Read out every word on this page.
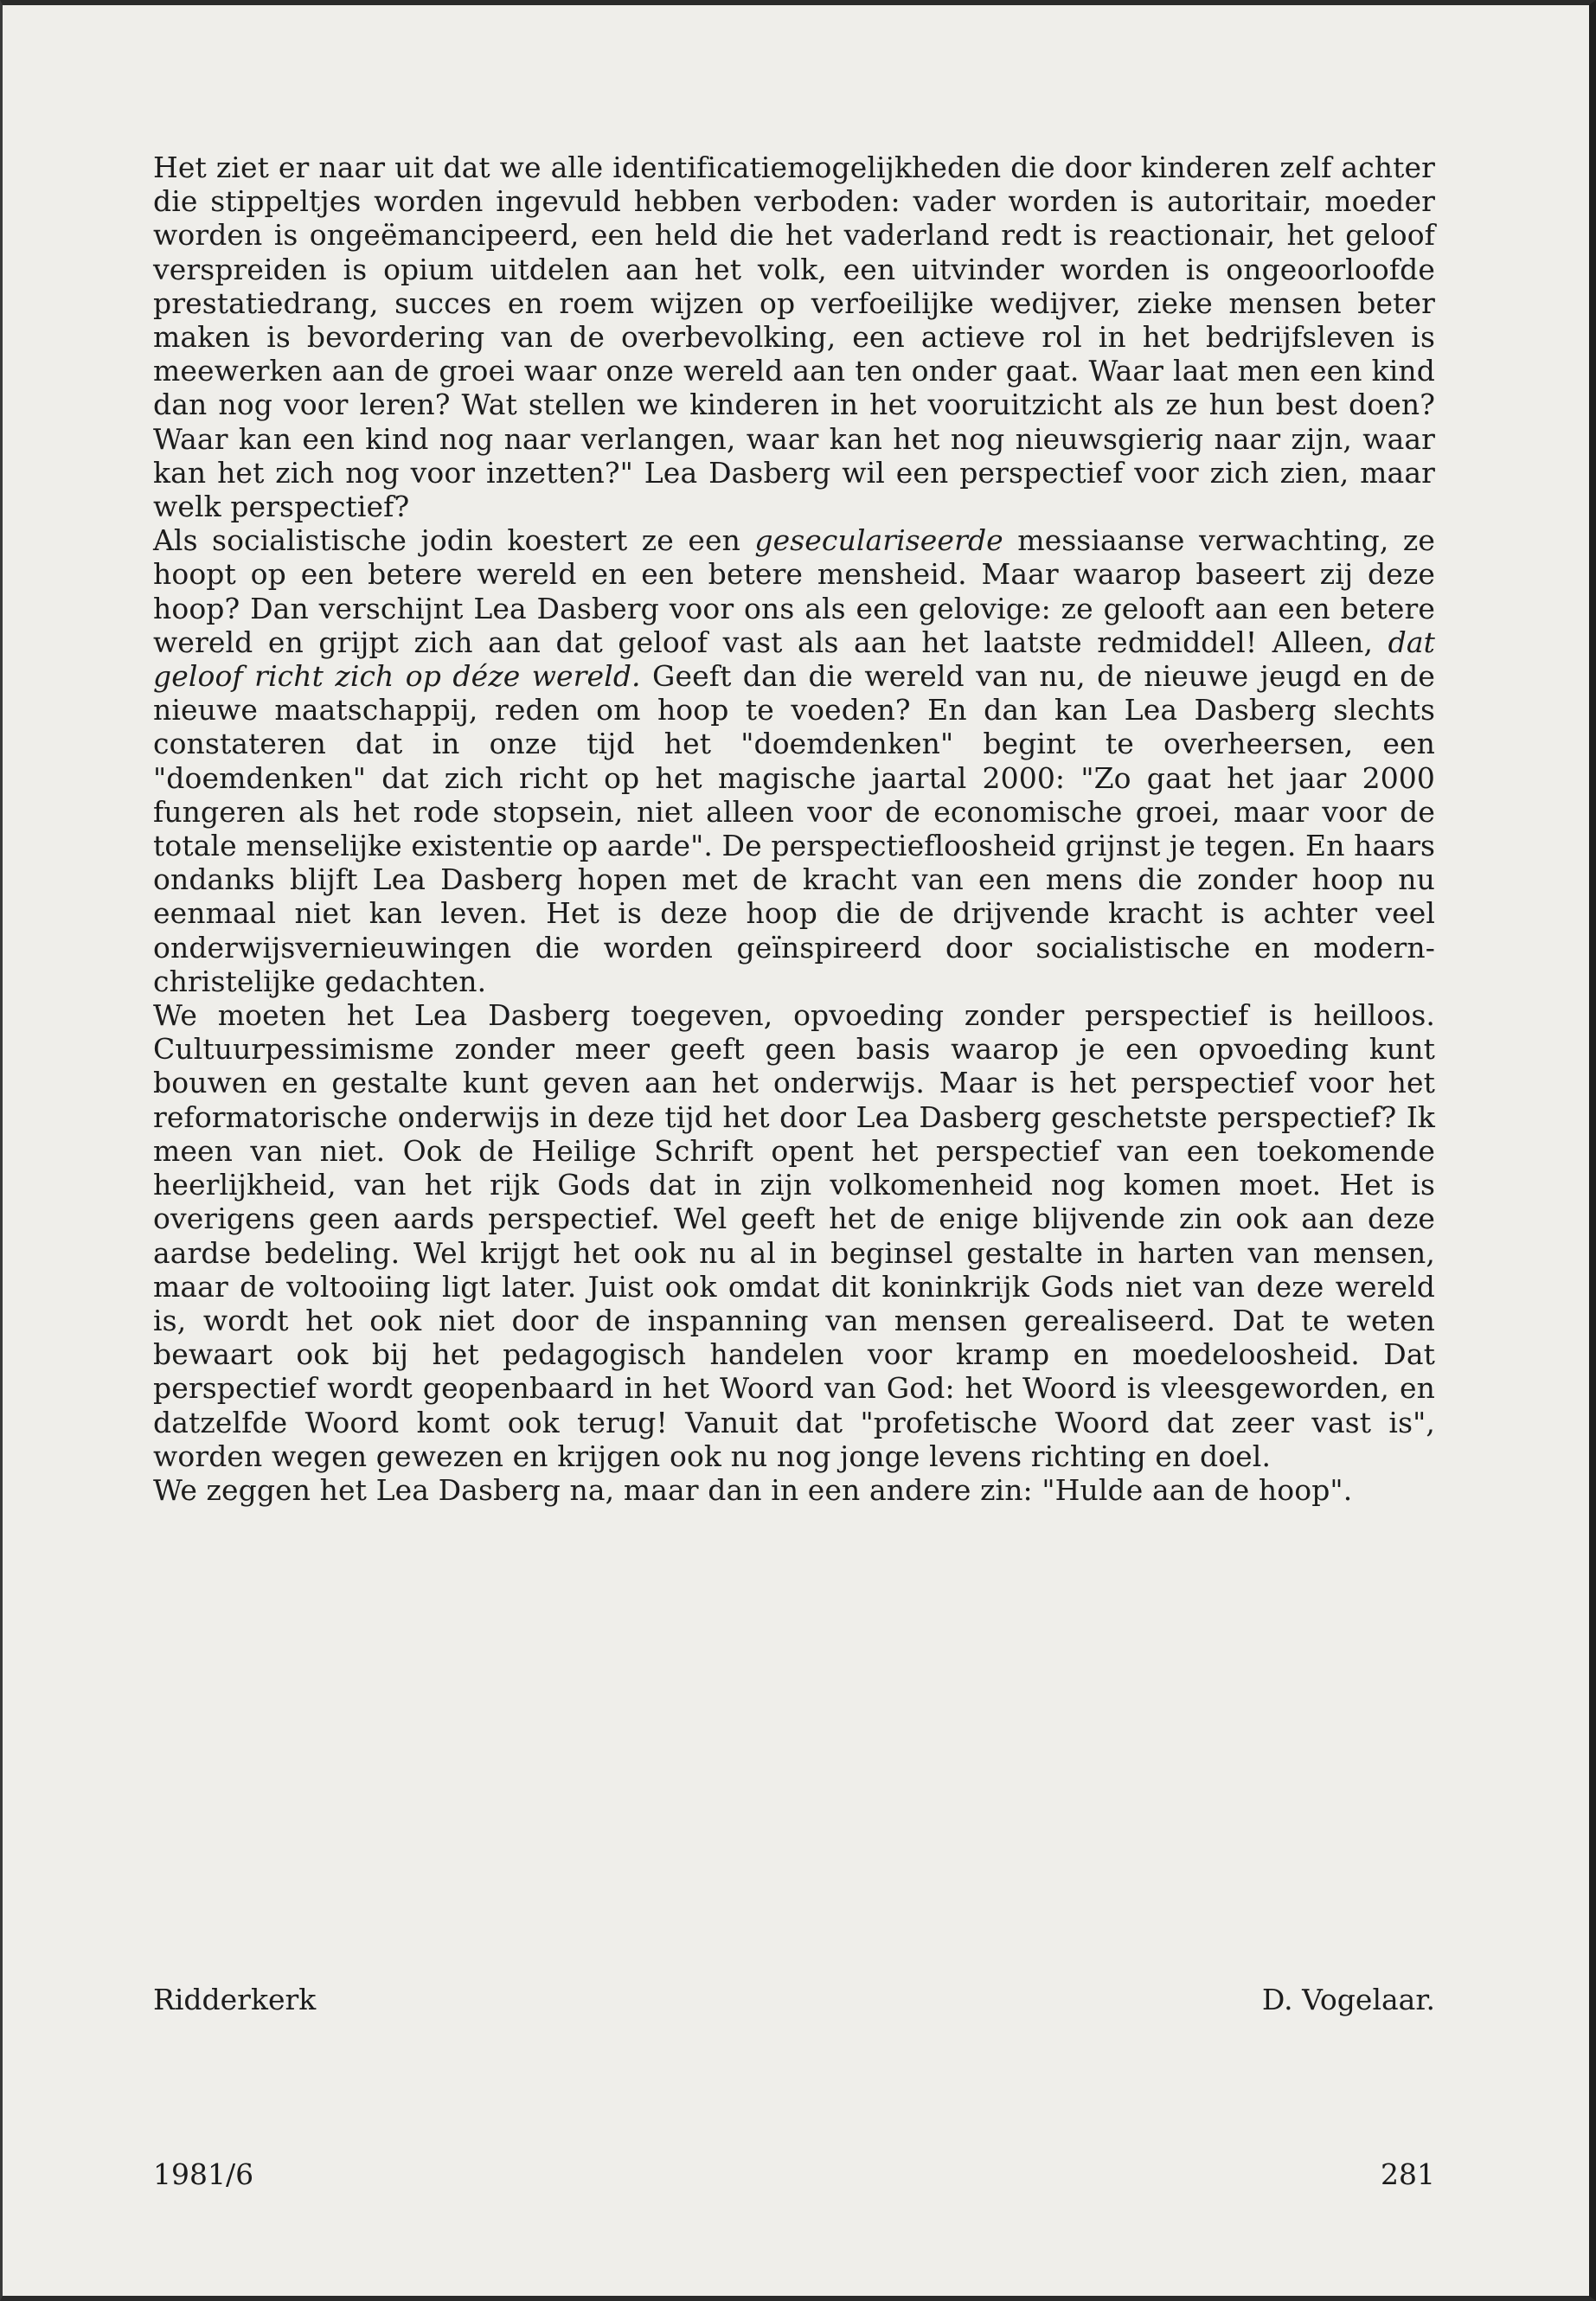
Het ziet er naar uit dat we alle identificatiemogelijkheden die door kinderen zelf achter die stippeltjes worden ingevuld hebben verboden: vader worden is autoritair, moeder worden is ongeëmancipeerd, een held die het vaderland redt is reactionair, het geloof verspreiden is opium uitdelen aan het volk, een uitvinder worden is ongeoorloofde prestatiedrang, succes en roem wijzen op verfoeilijke wedijver, zieke mensen beter maken is bevordering van de overbevolking, een actieve rol in het bedrijfsleven is meewerken aan de groei waar onze wereld aan ten onder gaat. Waar laat men een kind dan nog voor leren? Wat stellen we kinderen in het vooruitzicht als ze hun best doen? Waar kan een kind nog naar verlangen, waar kan het nog nieuwsgierig naar zijn, waar kan het zich nog voor inzetten?" Lea Dasberg wil een perspectief voor zich zien, maar welk perspectief?

Als socialistische jodin koestert ze een geseculariseerde messiaanse verwachting, ze hoopt op een betere wereld en een betere mensheid. Maar waarop baseert zij deze hoop? Dan verschijnt Lea Dasberg voor ons als een gelovige: ze gelooft aan een betere wereld en grijpt zich aan dat geloof vast als aan het laatste redmiddel! Alleen, dat geloof richt zich op déze wereld. Geeft dan die wereld van nu, de nieuwe jeugd en de nieuwe maatschappij, reden om hoop te voeden? En dan kan Lea Dasberg slechts constateren dat in onze tijd het "doemdenken" begint te overheersen, een "doemdenken" dat zich richt op het magische jaartal 2000: "Zo gaat het jaar 2000 fungeren als het rode stopsein, niet alleen voor de economische groei, maar voor de totale menselijke existentie op aarde". De perspectiefloosheid grijnst je tegen. En haars ondanks blijft Lea Dasberg hopen met de kracht van een mens die zonder hoop nu eenmaal niet kan leven. Het is deze hoop die de drijvende kracht is achter veel onderwijsvernieuwingen die worden geïnspireerd door socialistische en modern-christelijke gedachten.

We moeten het Lea Dasberg toegeven, opvoeding zonder perspectief is heilloos. Cultuurpessimisme zonder meer geeft geen basis waarop je een opvoeding kunt bouwen en gestalte kunt geven aan het onderwijs. Maar is het perspectief voor het reformatorische onderwijs in deze tijd het door Lea Dasberg geschetste perspectief? Ik meen van niet. Ook de Heilige Schrift opent het perspectief van een toekomende heerlijkheid, van het rijk Gods dat in zijn volkomenheid nog komen moet. Het is overigens geen aards perspectief. Wel geeft het de enige blijvende zin ook aan deze aardse bedeling. Wel krijgt het ook nu al in beginsel gestalte in harten van mensen, maar de voltooiing ligt later. Juist ook omdat dit koninkrijk Gods niet van deze wereld is, wordt het ook niet door de inspanning van mensen gerealiseerd. Dat te weten bewaart ook bij het pedagogisch handelen voor kramp en moedeloosheid. Dat perspectief wordt geopenbaard in het Woord van God: het Woord is vleesgeworden, en datzelfde Woord komt ook terug! Vanuit dat "profetische Woord dat zeer vast is", worden wegen gewezen en krijgen ook nu nog jonge levens richting en doel.

We zeggen het Lea Dasberg na, maar dan in een andere zin: "Hulde aan de hoop".

Ridderkerk	D. Vogelaar.
1981/6	281
